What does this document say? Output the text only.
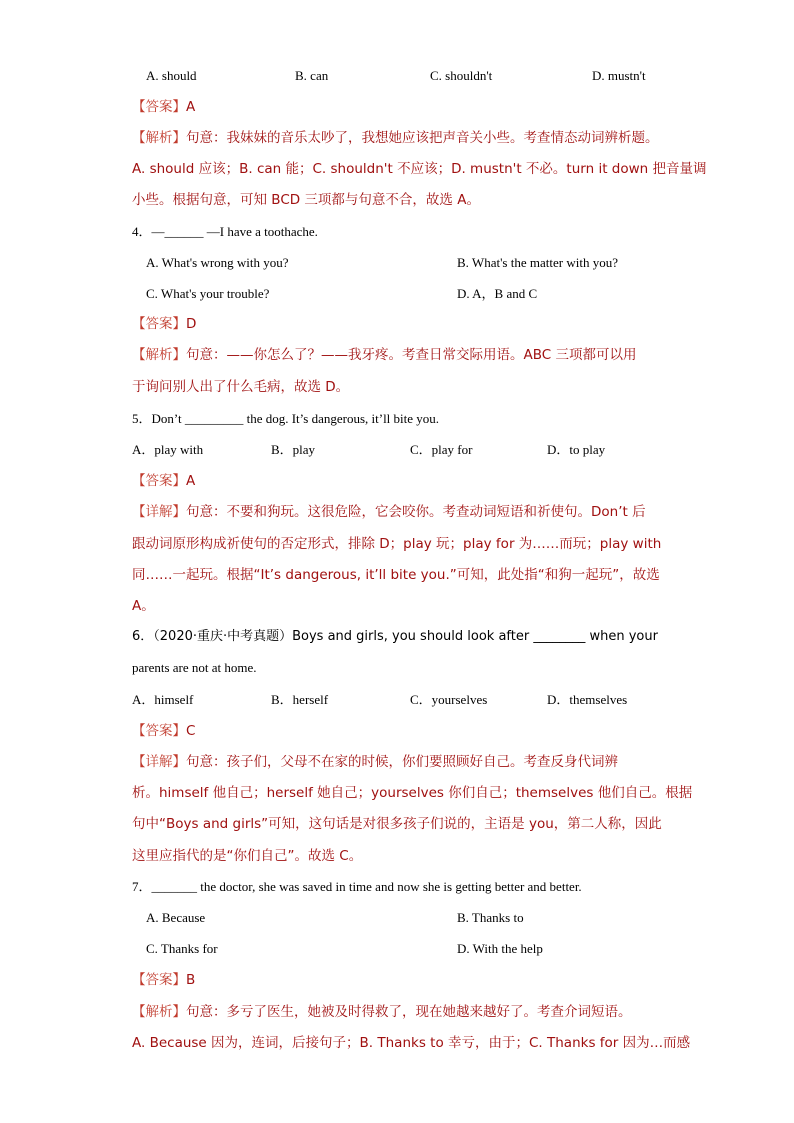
A. should	B. can	C. shouldn't	D. mustn't
【答案】A
【解析】句意：我妹妹的音乐太吵了，我想她应该把声音关小些。考查情态动词辨析题。
A. should 应该；B. can 能；C. shouldn't 不应该；D. mustn't 不必。turn it down 把音量调
小些。根据句意，可知 BCD 三项都与句意不合，故选 A。
4．—______ —I have a toothache.
A. What's wrong with you?	B. What's the matter with you?
C. What's your trouble?	D. A，B and C
【答案】D
【解析】句意：——你怎么了？——我牙疼。考查日常交际用语。ABC 三项都可以用
于询问别人出了什么毛病，故选 D。
5．Don’t _________ the dog. It’s dangerous, it’ll bite you.
A．play with	B．play	C．play for	D．to play
【答案】A
【详解】句意：不要和狗玩。这很危险，它会咬你。考查动词短语和祈使句。Don’t 后
跟动词原形构成祈使句的否定形式，排除 D；play 玩；play for 为……而玩；play with
同……一起玩。根据“It’s dangerous, it’ll bite you.”可知，此处指“和狗一起玩”，故选
A。
6．（2020·重庆·中考真题）Boys and girls, you should look after ________ when your
parents are not at home.
A．himself	B．herself	C．yourselves	D．themselves
【答案】C
【详解】句意：孩子们，父母不在家的时候，你们要照顾好自己。考查反身代词辨
析。himself 他自己；herself 她自己；yourselves 你们自己；themselves 他们自己。根据
句中“Boys and girls”可知，这句话是对很多孩子们说的，主语是 you，第二人称，因此
这里应指代的是“你们自己”。故选 C。
7．_______ the doctor, she was saved in time and now she is getting better and better.
A. Because	B. Thanks to
C. Thanks for	D. With the help
【答案】B
【解析】句意：多亏了医生，她被及时得救了，现在她越来越好了。考查介词短语。
A. Because 因为，连词，后接句子；B. Thanks to 幸亏，由于；C. Thanks for 因为…而感
